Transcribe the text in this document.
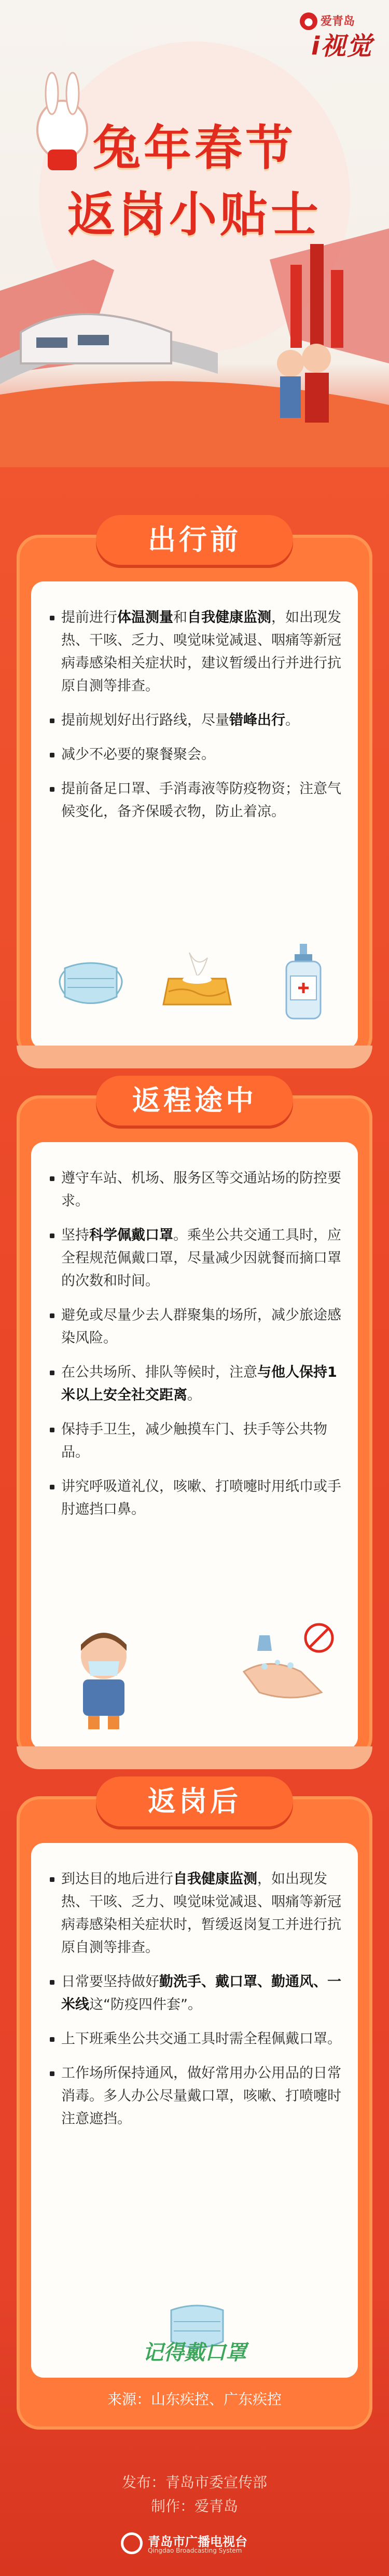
● 爱青岛
i视觉
兔年春节
返岗小贴士
出行前
提前进行体温测量和自我健康监测，如出现发热、干咳、乏力、嗅觉味觉减退、咽痛等新冠病毒感染相关症状时，建议暂缓出行并进行抗原自测等排查。
提前规划好出行路线，尽量错峰出行。
减少不必要的聚餐聚会。
提前备足口罩、手消毒液等防疫物资；注意气候变化，备齐保暖衣物，防止着凉。
返程途中
遵守车站、机场、服务区等交通站场的防控要求。
坚持科学佩戴口罩。乘坐公共交通工具时，应全程规范佩戴口罩，尽量减少因就餐而摘口罩的次数和时间。
避免或尽量少去人群聚集的场所，减少旅途感染风险。
在公共场所、排队等候时，注意与他人保持1米以上安全社交距离。
保持手卫生，减少触摸车门、扶手等公共物品。
讲究呼吸道礼仪，咳嗽、打喷嚏时用纸巾或手肘遮挡口鼻。
返岗后
到达目的地后进行自我健康监测，如出现发热、干咳、乏力、嗅觉味觉减退、咽痛等新冠病毒感染相关症状时，暂缓返岗复工并进行抗原自测等排查。
日常要坚持做好勤洗手、戴口罩、勤通风、一米线这“防疫四件套”。
上下班乘坐公共交通工具时需全程佩戴口罩。
工作场所保持通风，做好常用办公用品的日常消毒。多人办公尽量戴口罩，咳嗽、打喷嚏时注意遮挡。
记得戴口罩
来源：山东疾控、广东疾控
发布：青岛市委宣传部
制作：爱青岛
青岛市广播电视台
Qingdao Broadcasting System
